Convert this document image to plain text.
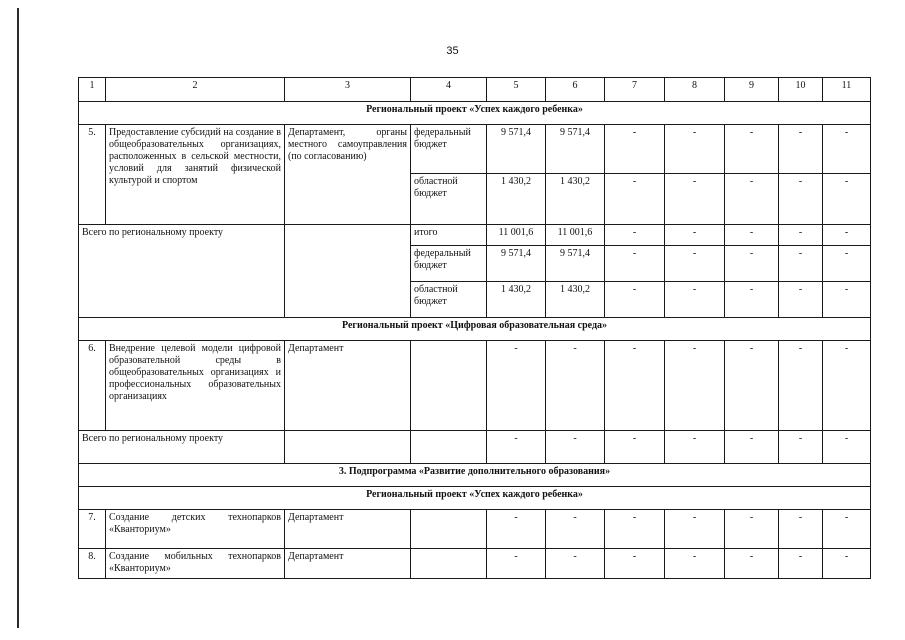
35
1	2	3	4	5	6	7	8	9	10	11
Региональный проект «Успех каждого ребенка»										
5.	Предоставление субсидий на создание в общеобразовательных организациях, расположенных в сельской местности, условий для занятий физической культурой и спортом	Департамент, органы местного самоуправления (по согласованию)	федеральный бюджет	9 571,4	9 571,4	-	-	-	-	-
			областной бюджет	1 430,2	1 430,2	-	-	-	-	-
Всего по региональному проекту			итого	11 001,6	11 001,6	-	-	-	-	-
			федеральный бюджет	9 571,4	9 571,4	-	-	-	-	-
			областной бюджет	1 430,2	1 430,2	-	-	-	-	-
Региональный проект «Цифровая образовательная среда»										
6.	Внедрение целевой модели цифровой образовательной среды в общеобразовательных организациях и профессиональных образовательных организациях	Департамент		-	-	-	-	-	-	-
Всего по региональному проекту				-	-	-	-	-	-	-
3. Подпрограмма «Развитие дополнительного образования»										
Региональный проект «Успех каждого ребенка»										
7.	Создание детских технопарков «Кванториум»	Департамент		-	-	-	-	-	-	-
8.	Создание мобильных технопарков «Кванториум»	Департамент		-	-	-	-	-	-	-
